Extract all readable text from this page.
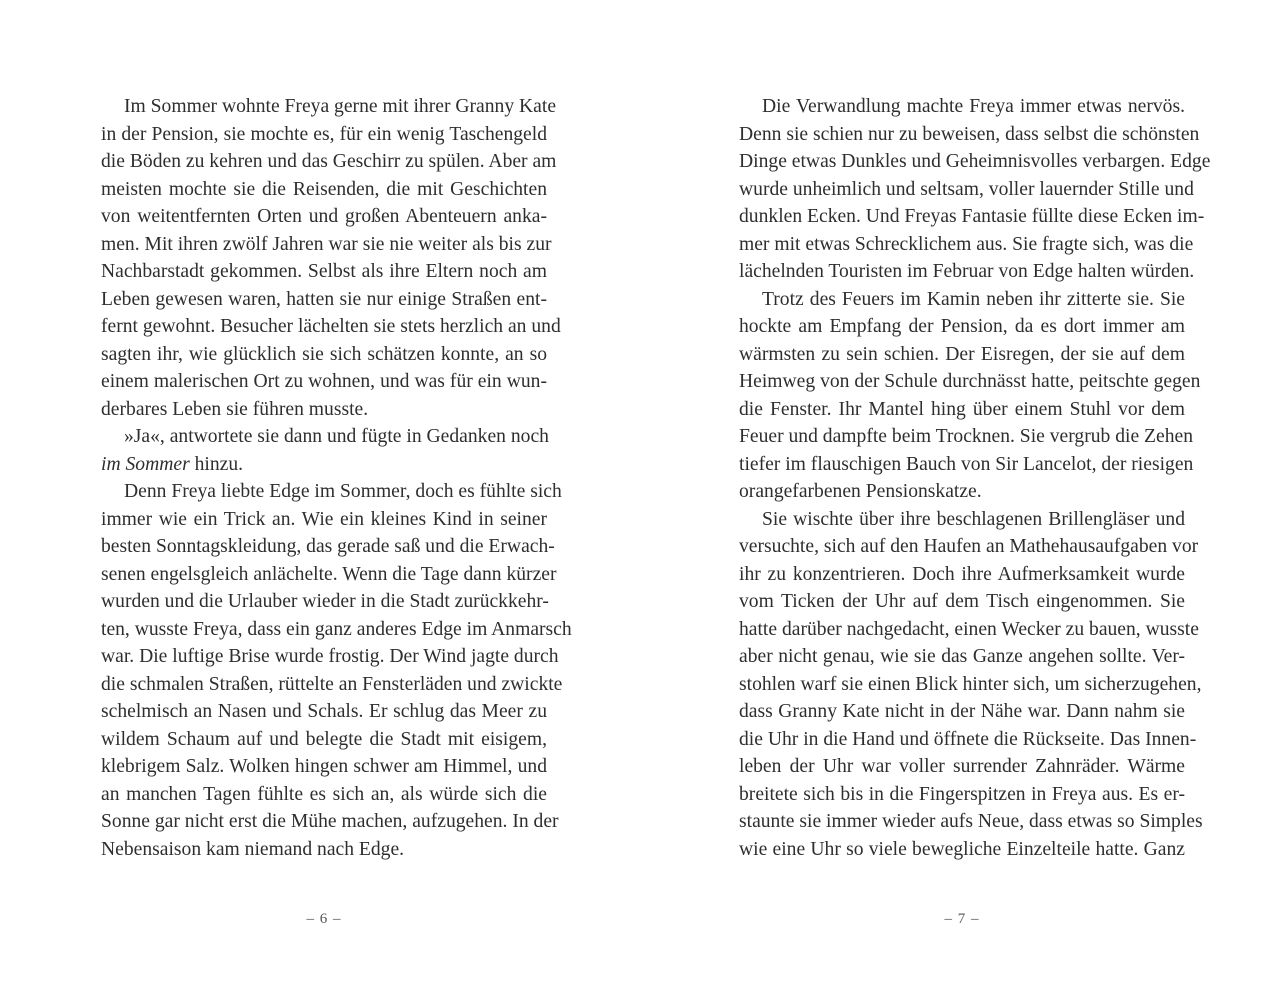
Im Sommer wohnte Freya gerne mit ihrer Granny Kate
in der Pension, sie mochte es, für ein wenig Taschengeld
die Böden zu kehren und das Geschirr zu spülen. Aber am
meisten mochte sie die Reisenden, die mit Geschichten
von weitentfernten Orten und großen Abenteuern anka-
men. Mit ihren zwölf Jahren war sie nie weiter als bis zur
Nachbarstadt gekommen. Selbst als ihre Eltern noch am
Leben gewesen waren, hatten sie nur einige Straßen ent-
fernt gewohnt. Besucher lächelten sie stets herzlich an und
sagten ihr, wie glücklich sie sich schätzen konnte, an so
einem malerischen Ort zu wohnen, und was für ein wun-
derbares Leben sie führen musste.
»Ja«, antwortete sie dann und fügte in Gedanken noch
im Sommer hinzu.
Denn Freya liebte Edge im Sommer, doch es fühlte sich
immer wie ein Trick an. Wie ein kleines Kind in seiner
besten Sonntagskleidung, das gerade saß und die Erwach-
senen engelsgleich anlächelte. Wenn die Tage dann kürzer
wurden und die Urlauber wieder in die Stadt zurückkehr-
ten, wusste Freya, dass ein ganz anderes Edge im Anmarsch
war. Die luftige Brise wurde frostig. Der Wind jagte durch
die schmalen Straßen, rüttelte an Fensterläden und zwickte
schelmisch an Nasen und Schals. Er schlug das Meer zu
wildem Schaum auf und belegte die Stadt mit eisigem,
klebrigem Salz. Wolken hingen schwer am Himmel, und
an manchen Tagen fühlte es sich an, als würde sich die
Sonne gar nicht erst die Mühe machen, aufzugehen. In der
Nebensaison kam niemand nach Edge.
Die Verwandlung machte Freya immer etwas nervös.
Denn sie schien nur zu beweisen, dass selbst die schönsten
Dinge etwas Dunkles und Geheimnisvolles verbargen. Edge
wurde unheimlich und seltsam, voller lauernder Stille und
dunklen Ecken. Und Freyas Fantasie füllte diese Ecken im-
mer mit etwas Schrecklichem aus. Sie fragte sich, was die
lächelnden Touristen im Februar von Edge halten würden.
Trotz des Feuers im Kamin neben ihr zitterte sie. Sie
hockte am Empfang der Pension, da es dort immer am
wärmsten zu sein schien. Der Eisregen, der sie auf dem
Heimweg von der Schule durchnässt hatte, peitschte gegen
die Fenster. Ihr Mantel hing über einem Stuhl vor dem
Feuer und dampfte beim Trocknen. Sie vergrub die Zehen
tiefer im flauschigen Bauch von Sir Lancelot, der riesigen
orangefarbenen Pensionskatze.
Sie wischte über ihre beschlagenen Brillengläser und
versuchte, sich auf den Haufen an Mathehausaufgaben vor
ihr zu konzentrieren. Doch ihre Aufmerksamkeit wurde
vom Ticken der Uhr auf dem Tisch eingenommen. Sie
hatte darüber nachgedacht, einen Wecker zu bauen, wusste
aber nicht genau, wie sie das Ganze angehen sollte. Ver-
stohlen warf sie einen Blick hinter sich, um sicherzugehen,
dass Granny Kate nicht in der Nähe war. Dann nahm sie
die Uhr in die Hand und öffnete die Rückseite. Das Innen-
leben der Uhr war voller surrender Zahnräder. Wärme
breitete sich bis in die Fingerspitzen in Freya aus. Es er-
staunte sie immer wieder aufs Neue, dass etwas so Simples
wie eine Uhr so viele bewegliche Einzelteile hatte. Ganz
– 6 –	– 7 –
